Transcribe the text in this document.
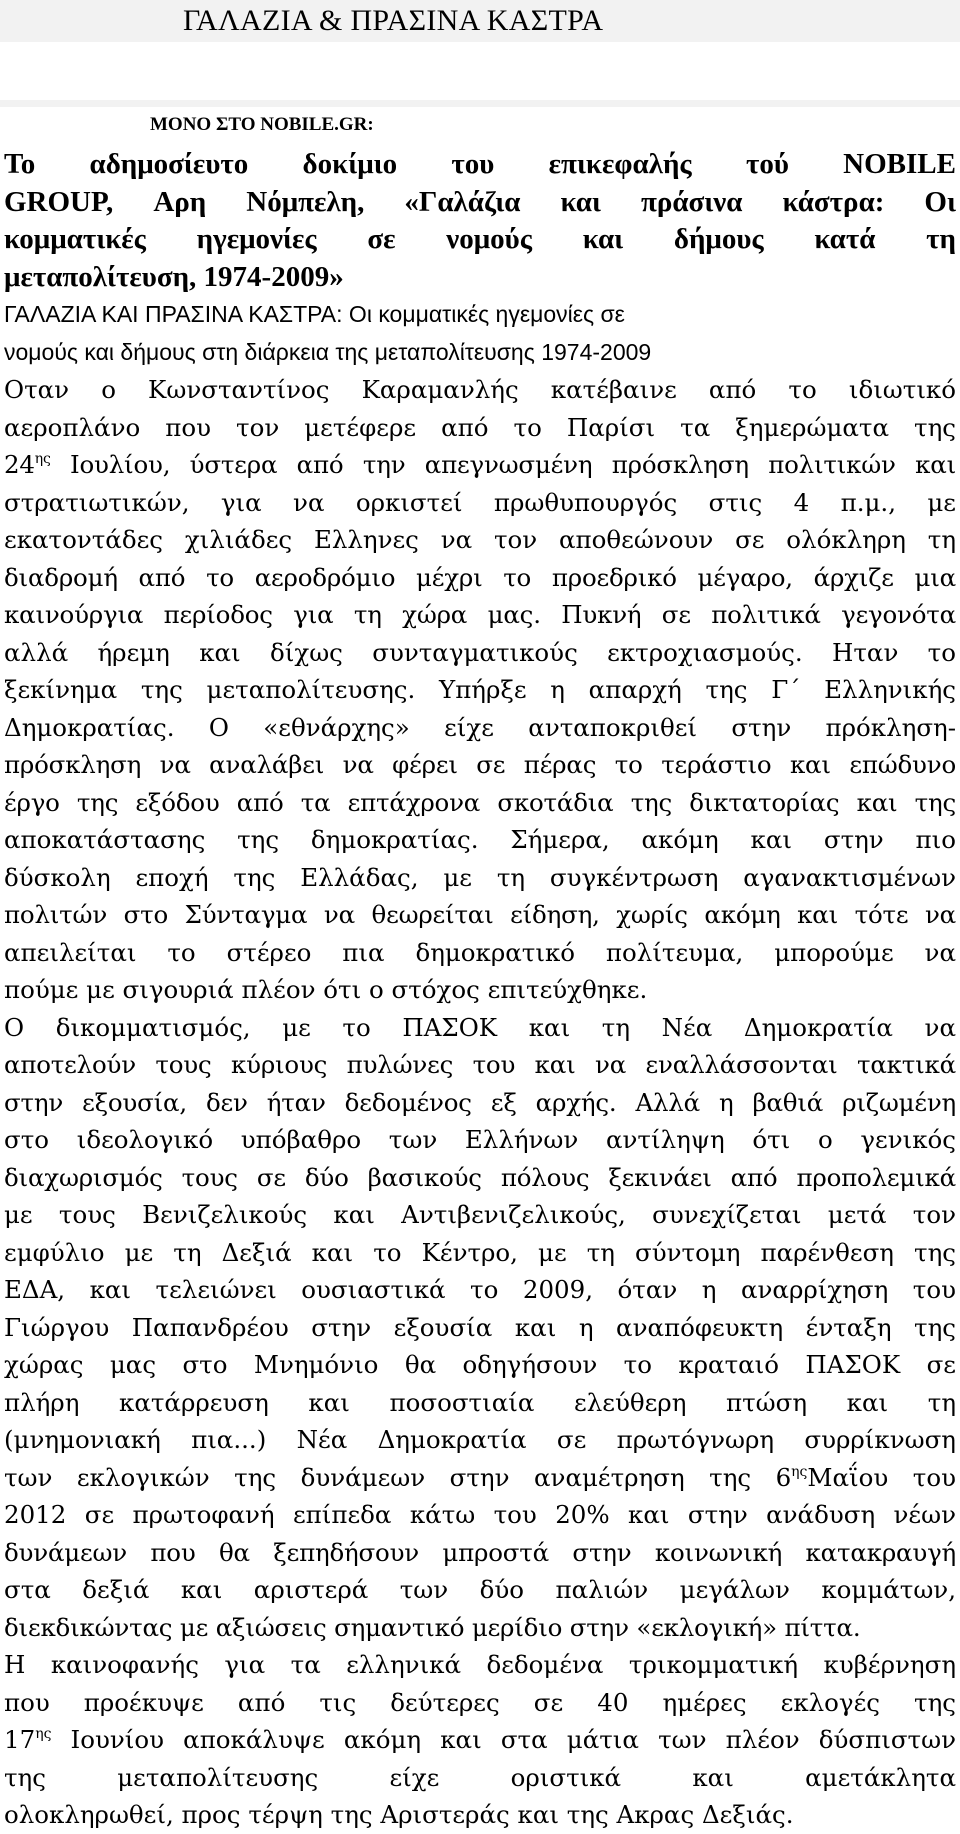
ΓΑΛΑΖΙΑ & ΠΡΑΣΙΝΑ ΚΑΣΤΡΑ
ΜΟΝΟ ΣΤΟ NOBILE.GR:
Το αδημοσίευτο δοκίμιο του επικεφαλής τού NOBILE
GROUP, Αρη Νόμπελη, «Γαλάζια και πράσινα κάστρα: Οι
κομματικές ηγεμονίες σε νομούς και δήμους κατά τη
μεταπολίτευση, 1974-2009»
ΓΑΛΑΖΙΑ ΚΑΙ ΠΡΑΣΙΝΑ ΚΑΣΤΡΑ: Οι κομματικές ηγεμονίες σε
νομούς και δήμους στη διάρκεια της μεταπολίτευσης 1974-2009
Οταν ο Κωνσταντίνος Καραμανλής κατέβαινε από το ιδιωτικό
αεροπλάνο που τον μετέφερε από το Παρίσι τα ξημερώματα της
$24^{\eta\varsigma}$ Ιουλίου, ύστερα από την απεγνωσμένη πρόσκληση πολιτικών και
στρατιωτικών, για να ορκιστεί πρωθυπουργός στις 4 π.μ., με
εκατοντάδες χιλιάδες Ελληνες να τον αποθεώνουν σε ολόκληρη τη
διαδρομή από το αεροδρόμιο μέχρι το προεδρικό μέγαρο, άρχιζε μια
καινούργια περίοδος για τη χώρα μας. Πυκνή σε πολιτικά γεγονότα
αλλά ήρεμη και δίχως συνταγματικούς εκτροχιασμούς. Ηταν το
ξεκίνημα της μεταπολίτευσης. Υπήρξε η απαρχή της Γ΄ Ελληνικής
Δημοκρατίας. Ο «εθνάρχης» είχε ανταποκριθεί στην πρόκληση-
πρόσκληση να αναλάβει να φέρει σε πέρας το τεράστιο και επώδυνο
έργο της εξόδου από τα επτάχρονα σκοτάδια της δικτατορίας και της
αποκατάστασης της δημοκρατίας. Σήμερα, ακόμη και στην πιο
δύσκολη εποχή της Ελλάδας, με τη συγκέντρωση αγανακτισμένων
πολιτών στο Σύνταγμα να θεωρείται είδηση, χωρίς ακόμη και τότε να
απειλείται το στέρεο πια δημοκρατικό πολίτευμα, μπορούμε να
πούμε με σιγουριά πλέον ότι ο στόχος επιτεύχθηκε.
Ο δικομματισμός, με το ΠΑΣΟΚ και τη Νέα Δημοκρατία να
αποτελούν τους κύριους πυλώνες του και να εναλλάσσονται τακτικά
στην εξουσία, δεν ήταν δεδομένος εξ αρχής. Αλλά η βαθιά ριζωμένη
στο ιδεολογικό υπόβαθρο των Ελλήνων αντίληψη ότι ο γενικός
διαχωρισμός τους σε δύο βασικούς πόλους ξεκινάει από προπολεμικά
με τους Βενιζελικούς και Αντιβενιζελικούς, συνεχίζεται μετά τον
εμφύλιο με τη Δεξιά και το Κέντρο, με τη σύντομη παρένθεση της
ΕΔΑ, και τελειώνει ουσιαστικά το 2009, όταν η αναρρίχηση του
Γιώργου Παπανδρέου στην εξουσία και η αναπόφευκτη ένταξη της
χώρας μας στο Μνημόνιο θα οδηγήσουν το κραταιό ΠΑΣΟΚ σε
πλήρη κατάρρευση και ποσοστιαία ελεύθερη πτώση και τη
(μνημονιακή πια...) Νέα Δημοκρατία σε πρωτόγνωρη συρρίκνωση
των εκλογικών της δυνάμεων στην αναμέτρηση της $6^{\eta\varsigma}M\alpha ΐo\upsilon$ του
2012 σε πρωτοφανή επίπεδα κάτω του 20% και στην ανάδυση νέων
δυνάμεων που θα ξεπηδήσουν μπροστά στην κοινωνική κατακραυγή
στα δεξιά και αριστερά των δύο παλιών μεγάλων κομμάτων,
διεκδικώντας με αξιώσεις σημαντικό μερίδιο στην «εκλογική» πίττα.
Η καινοφανής για τα ελληνικά δεδομένα τρικομματική κυβέρνηση
που προέκυψε από τις δεύτερες σε 40 ημέρες εκλογές της
$17^{\eta\varsigma}$ Ιουνίου αποκάλυψε ακόμη και στα μάτια των πλέον δύσπιστων
της μεταπολίτευσης είχε οριστικά και αμετάκλητα
ολοκληρωθεί, προς τέρψη της Αριστεράς και της Ακρας Δεξιάς.
